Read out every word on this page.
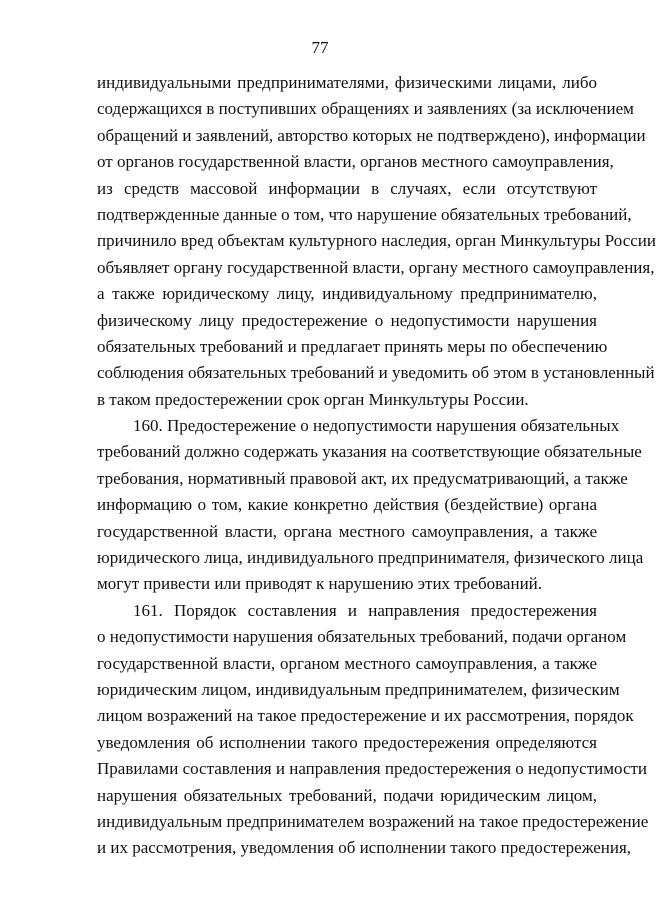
77
индивидуальными предпринимателями, физическими лицами, либо
содержащихся в поступивших обращениях и заявлениях (за исключением
обращений и заявлений, авторство которых не подтверждено), информации
от органов государственной власти, органов местного самоуправления,
из средств массовой информации в случаях, если отсутствуют
подтвержденные данные о том, что нарушение обязательных требований,
причинило вред объектам культурного наследия, орган Минкультуры России
объявляет органу государственной власти, органу местного самоуправления,
а также юридическому лицу, индивидуальному предпринимателю,
физическому лицу предостережение о недопустимости нарушения
обязательных требований и предлагает принять меры по обеспечению
соблюдения обязательных требований и уведомить об этом в установленный
в таком предостережении срок орган Минкультуры России.
160. Предостережение о недопустимости нарушения обязательных
требований должно содержать указания на соответствующие обязательные
требования, нормативный правовой акт, их предусматривающий, а также
информацию о том, какие конкретно действия (бездействие) органа
государственной власти, органа местного самоуправления, а также
юридического лица, индивидуального предпринимателя, физического лица
могут привести или приводят к нарушению этих требований.
161. Порядок составления и направления предостережения
о недопустимости нарушения обязательных требований, подачи органом
государственной власти, органом местного самоуправления, а также
юридическим лицом, индивидуальным предпринимателем, физическим
лицом возражений на такое предостережение и их рассмотрения, порядок
уведомления об исполнении такого предостережения определяются
Правилами составления и направления предостережения о недопустимости
нарушения обязательных требований, подачи юридическим лицом,
индивидуальным предпринимателем возражений на такое предостережение
и их рассмотрения, уведомления об исполнении такого предостережения,
